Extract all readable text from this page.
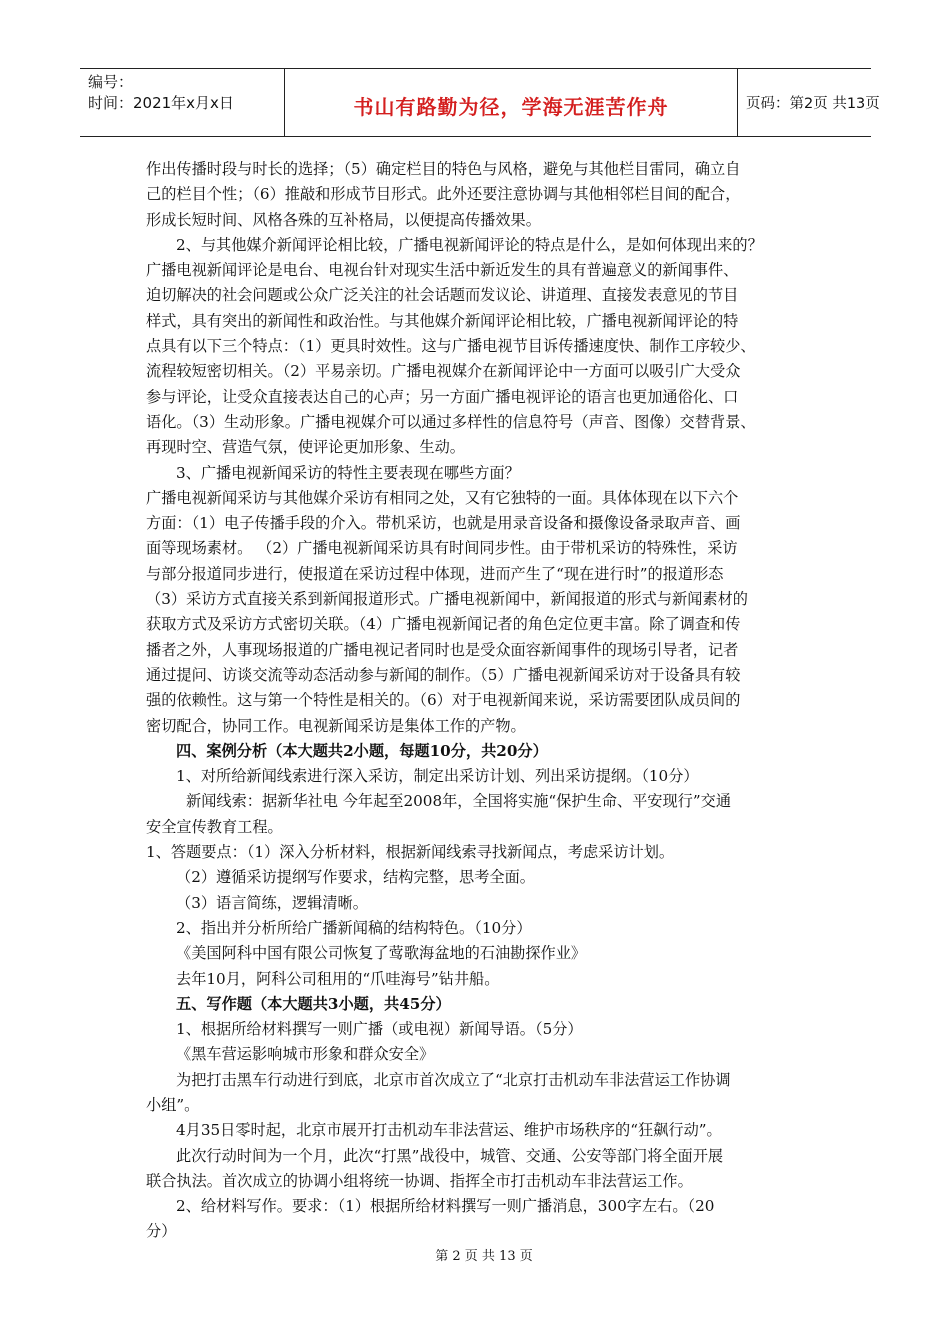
编号：
时间：2021年x月x日	书山有路勤为径，学海无涯苦作舟	页码：第2页 共13页
作出传播时段与时长的选择；（5）确定栏目的特色与风格，避免与其他栏目雷同，确立自
己的栏目个性；（6）推敲和形成节目形式。此外还要注意协调与其他相邻栏目间的配合，
形成长短时间、风格各殊的互补格局，以便提高传播效果。
2、与其他媒介新闻评论相比较，广播电视新闻评论的特点是什么，是如何体现出来的？
广播电视新闻评论是电台、电视台针对现实生活中新近发生的具有普遍意义的新闻事件、
迫切解决的社会问题或公众广泛关注的社会话题而发议论、讲道理、直接发表意见的节目
样式，具有突出的新闻性和政治性。与其他媒介新闻评论相比较，广播电视新闻评论的特
点具有以下三个特点：（1）更具时效性。这与广播电视节目诉传播速度快、制作工序较少、
流程较短密切相关。（2）平易亲切。广播电视媒介在新闻评论中一方面可以吸引广大受众
参与评论，让受众直接表达自己的心声；另一方面广播电视评论的语言也更加通俗化、口
语化。（3）生动形象。广播电视媒介可以通过多样性的信息符号（声音、图像）交替背景、
再现时空、营造气氛，使评论更加形象、生动。
3、广播电视新闻采访的特性主要表现在哪些方面？
广播电视新闻采访与其他媒介采访有相同之处，又有它独特的一面。具体体现在以下六个
方面：（1）电子传播手段的介入。带机采访，也就是用录音设备和摄像设备录取声音、画
面等现场素材。 （2）广播电视新闻采访具有时间同步性。由于带机采访的特殊性，采访
与部分报道同步进行，使报道在采访过程中体现，进而产生了“现在进行时”的报道形态
（3）采访方式直接关系到新闻报道形式。广播电视新闻中，新闻报道的形式与新闻素材的
获取方式及采访方式密切关联。（4）广播电视新闻记者的角色定位更丰富。除了调查和传
播者之外，人事现场报道的广播电视记者同时也是受众面容新闻事件的现场引导者，记者
通过提问、访谈交流等动态活动参与新闻的制作。（5）广播电视新闻采访对于设备具有较
强的依赖性。这与第一个特性是相关的。（6）对于电视新闻来说，采访需要团队成员间的
密切配合，协同工作。电视新闻采访是集体工作的产物。
四、案例分析（本大题共2小题，每题10分，共20分）
1、对所给新闻线索进行深入采访，制定出采访计划、列出采访提纲。（10分）
新闻线索：据新华社电 今年起至2008年，全国将实施“保护生命、平安现行”交通
安全宣传教育工程。
1、答题要点：（1）深入分析材料，根据新闻线索寻找新闻点，考虑采访计划。
（2）遵循采访提纲写作要求，结构完整，思考全面。
（3）语言简练，逻辑清晰。
2、指出并分析所给广播新闻稿的结构特色。（10分）
《美国阿科中国有限公司恢复了莺歌海盆地的石油勘探作业》
去年10月，阿科公司租用的“爪哇海号”钻井船。
五、写作题（本大题共3小题，共45分）
1、根据所给材料撰写一则广播（或电视）新闻导语。（5分）
《黑车营运影响城市形象和群众安全》
为把打击黑车行动进行到底，北京市首次成立了“北京打击机动车非法营运工作协调
小组”。
4月35日零时起，北京市展开打击机动车非法营运、维护市场秩序的“狂飙行动”。
此次行动时间为一个月，此次“打黑”战役中，城管、交通、公安等部门将全面开展
联合执法。首次成立的协调小组将统一协调、指挥全市打击机动车非法营运工作。
2、给材料写作。要求：（1）根据所给材料撰写一则广播消息，300字左右。（20
分）
第 2 页 共 13 页
